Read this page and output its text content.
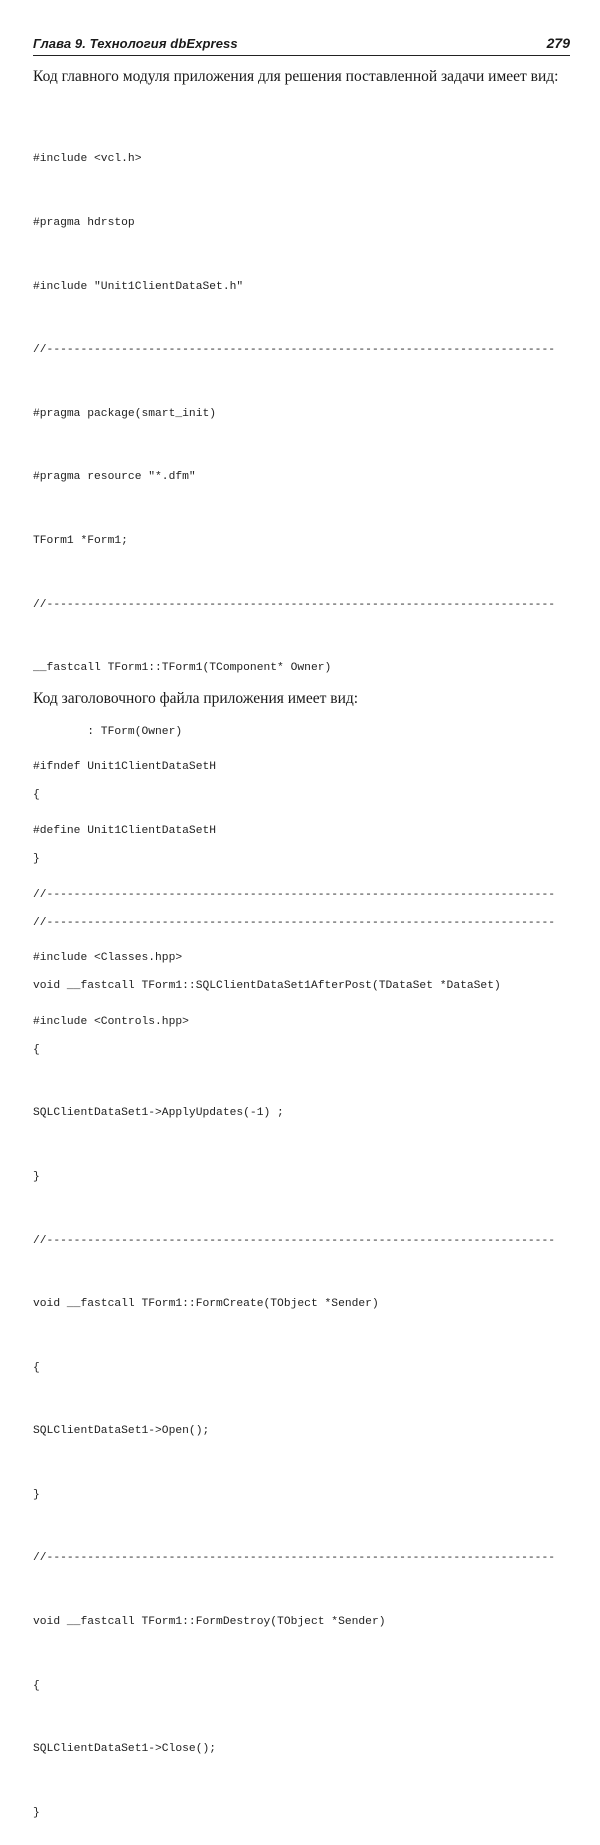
Глава 9. Технология dbExpress	279
Код главного модуля приложения для решения поставленной задачи имеет вид:

#include <vcl.h>

#pragma hdrstop

#include "Unit1ClientDataSet.h"

//---------------------------------------------------------------------------

#pragma package(smart_init)

#pragma resource "*.dfm"

TForm1 *Form1;

//---------------------------------------------------------------------------

__fastcall TForm1::TForm1(TComponent* Owner)

: TForm(Owner)

{

}

//---------------------------------------------------------------------------

void __fastcall TForm1::SQLClientDataSet1AfterPost(TDataSet *DataSet)

{

SQLClientDataSet1->ApplyUpdates(-1) ;

}

//---------------------------------------------------------------------------

void __fastcall TForm1::FormCreate(TObject *Sender)

{

SQLClientDataSet1->Open();

}

//---------------------------------------------------------------------------

void __fastcall TForm1::FormDestroy(TObject *Sender)

{

SQLClientDataSet1->Close();

}

Код заголовочного файла приложения имеет вид:

#ifndef Unit1ClientDataSetH

#define Unit1ClientDataSetH

//---------------------------------------------------------------------------

#include <Classes.hpp>

#include <Controls.hpp>
